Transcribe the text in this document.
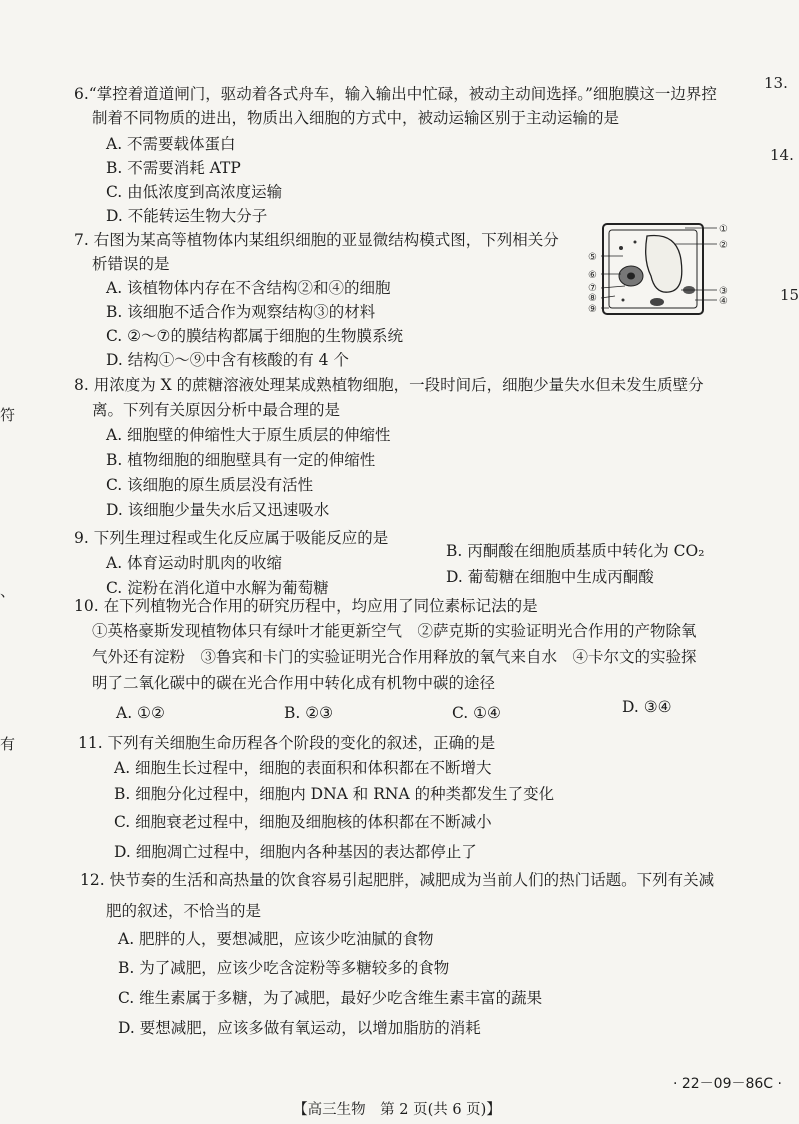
13.
14.
15
符
、
有
6.“掌控着道道闸门，驱动着各式舟车，输入输出中忙碌，被动主动间选择。”细胞膜这一边界控
制着不同物质的进出，物质出入细胞的方式中，被动运输区别于主动运输的是
A. 不需要载体蛋白
B. 不需要消耗 ATP
C. 由低浓度到高浓度运输
D. 不能转运生物大分子
7. 右图为某高等植物体内某组织细胞的亚显微结构模式图，下列相关分
析错误的是
A. 该植物体内存在不含结构②和④的细胞
B. 该细胞不适合作为观察结构③的材料
C. ②～⑦的膜结构都属于细胞的生物膜系统
D. 结构①～⑨中含有核酸的有 4 个
①
②
③
④
⑤
⑥
⑦
⑧
⑨
8. 用浓度为 X 的蔗糖溶液处理某成熟植物细胞，一段时间后，细胞少量失水但未发生质壁分
离。下列有关原因分析中最合理的是
A. 细胞壁的伸缩性大于原生质层的伸缩性
B. 植物细胞的细胞壁具有一定的伸缩性
C. 该细胞的原生质层没有活性
D. 该细胞少量失水后又迅速吸水
9. 下列生理过程或生化反应属于吸能反应的是
A. 体育运动时肌肉的收缩
B. 丙酮酸在细胞质基质中转化为 CO₂
C. 淀粉在消化道中水解为葡萄糖
D. 葡萄糖在细胞中生成丙酮酸
10. 在下列植物光合作用的研究历程中，均应用了同位素标记法的是
①英格豪斯发现植物体只有绿叶才能更新空气　②萨克斯的实验证明光合作用的产物除氧
气外还有淀粉　③鲁宾和卡门的实验证明光合作用释放的氧气来自水　④卡尔文的实验探
明了二氧化碳中的碳在光合作用中转化成有机物中碳的途径
A. ①②	B. ②③	C. ①④	D. ③④
11. 下列有关细胞生命历程各个阶段的变化的叙述，正确的是
A. 细胞生长过程中，细胞的表面积和体积都在不断增大
B. 细胞分化过程中，细胞内 DNA 和 RNA 的种类都发生了变化
C. 细胞衰老过程中，细胞及细胞核的体积都在不断减小
D. 细胞凋亡过程中，细胞内各种基因的表达都停止了
12. 快节奏的生活和高热量的饮食容易引起肥胖，减肥成为当前人们的热门话题。下列有关减
肥的叙述，不恰当的是
A. 肥胖的人，要想减肥，应该少吃油腻的食物
B. 为了减肥，应该少吃含淀粉等多糖较多的食物
C. 维生素属于多糖，为了减肥，最好少吃含维生素丰富的蔬果
D. 要想减肥，应该多做有氧运动，以增加脂肪的消耗
· 22－09－86C ·
【高三生物　第 2 页(共 6 页)】
